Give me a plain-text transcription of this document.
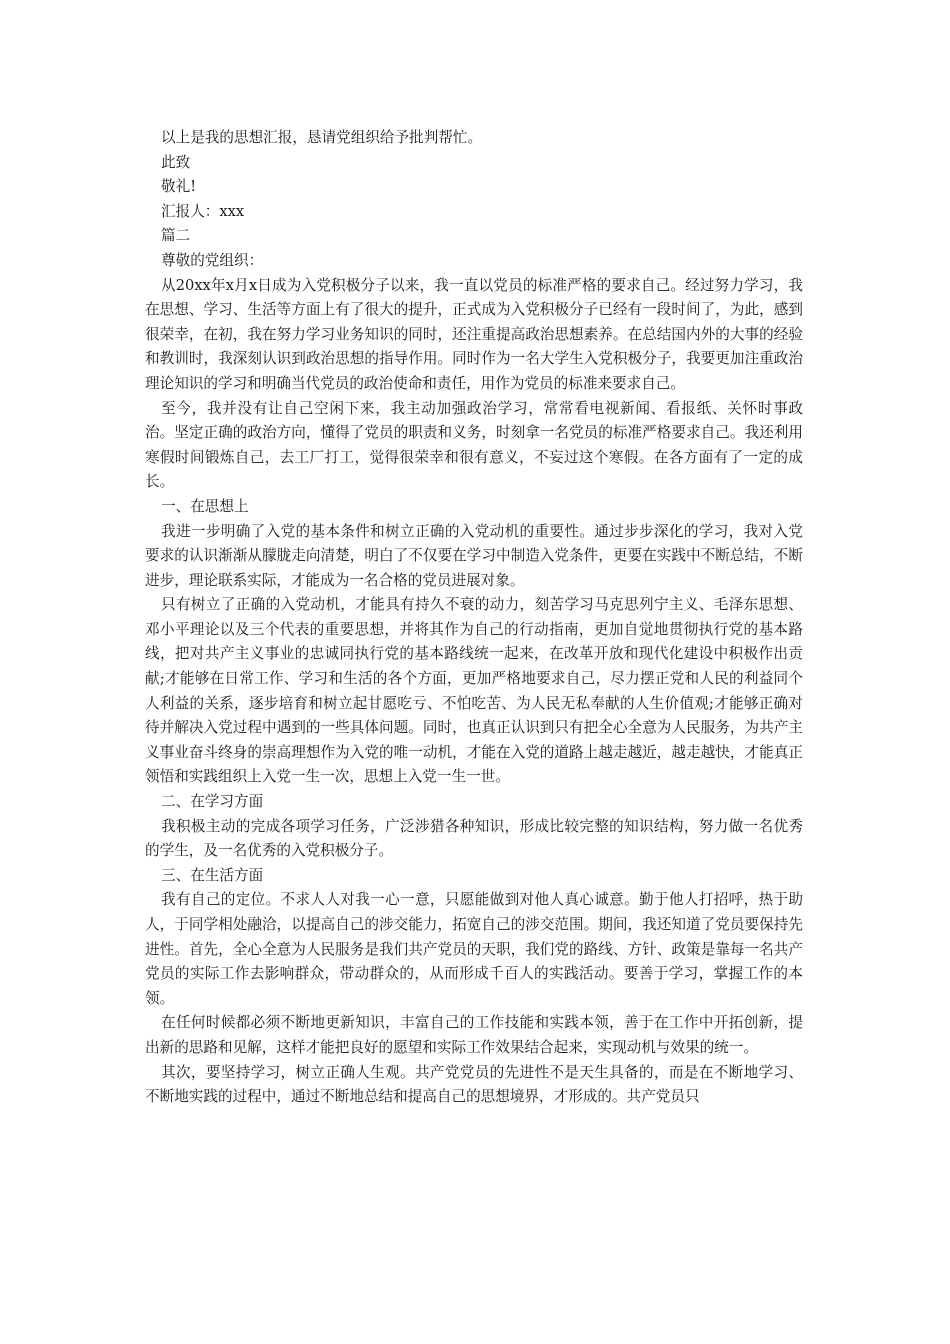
以上是我的思想汇报，恳请党组织给予批判帮忙。

此致

敬礼!

汇报人：xxx

篇二

尊敬的党组织：

从20xx年x月x日成为入党积极分子以来，我一直以党员的标准严格的要求自己。经过努力学习，我在思想、学习、生活等方面上有了很大的提升，正式成为入党积极分子已经有一段时间了，为此，感到很荣幸，在初，我在努力学习业务知识的同时，还注重提高政治思想素养。在总结国内外的大事的经验和教训时，我深刻认识到政治思想的指导作用。同时作为一名大学生入党积极分子，我要更加注重政治理论知识的学习和明确当代党员的政治使命和责任，用作为党员的标准来要求自己。

至今，我并没有让自己空闲下来，我主动加强政治学习，常常看电视新闻、看报纸、关怀时事政治。坚定正确的政治方向，懂得了党员的职责和义务，时刻拿一名党员的标准严格要求自己。我还利用寒假时间锻炼自己，去工厂打工，觉得很荣幸和很有意义，不妄过这个寒假。在各方面有了一定的成长。

一、在思想上

我进一步明确了入党的基本条件和树立正确的入党动机的重要性。通过步步深化的学习，我对入党要求的认识渐渐从朦胧走向清楚，明白了不仅要在学习中制造入党条件，更要在实践中不断总结，不断进步，理论联系实际，才能成为一名合格的党员进展对象。

只有树立了正确的入党动机，才能具有持久不衰的动力，刻苦学习马克思列宁主义、毛泽东思想、邓小平理论以及三个代表的重要思想，并将其作为自己的行动指南，更加自觉地贯彻执行党的基本路线，把对共产主义事业的忠诚同执行党的基本路线统一起来，在改革开放和现代化建设中积极作出贡献;才能够在日常工作、学习和生活的各个方面，更加严格地要求自己，尽力摆正党和人民的利益同个人利益的关系，逐步培育和树立起甘愿吃亏、不怕吃苦、为人民无私奉献的人生价值观;才能够正确对待并解决入党过程中遇到的一些具体问题。同时，也真正认识到只有把全心全意为人民服务，为共产主义事业奋斗终身的崇高理想作为入党的唯一动机，才能在入党的道路上越走越近，越走越快，才能真正领悟和实践组织上入党一生一次，思想上入党一生一世。

二、在学习方面

我积极主动的完成各项学习任务，广泛涉猎各种知识，形成比较完整的知识结构，努力做一名优秀的学生，及一名优秀的入党积极分子。

三、在生活方面

我有自己的定位。不求人人对我一心一意，只愿能做到对他人真心诚意。勤于他人打招呼，热于助人，于同学相处融洽，以提高自己的涉交能力，拓宽自己的涉交范围。期间，我还知道了党员要保持先进性。首先，全心全意为人民服务是我们共产党员的天职，我们党的路线、方针、政策是靠每一名共产党员的实际工作去影响群众，带动群众的，从而形成千百人的实践活动。要善于学习，掌握工作的本领。

在任何时候都必须不断地更新知识，丰富自己的工作技能和实践本领，善于在工作中开拓创新，提出新的思路和见解，这样才能把良好的愿望和实际工作效果结合起来，实现动机与效果的统一。

其次，要坚持学习，树立正确人生观。共产党党员的先进性不是天生具备的，而是在不断地学习、不断地实践的过程中，通过不断地总结和提高自己的思想境界，才形成的。共产党员只
